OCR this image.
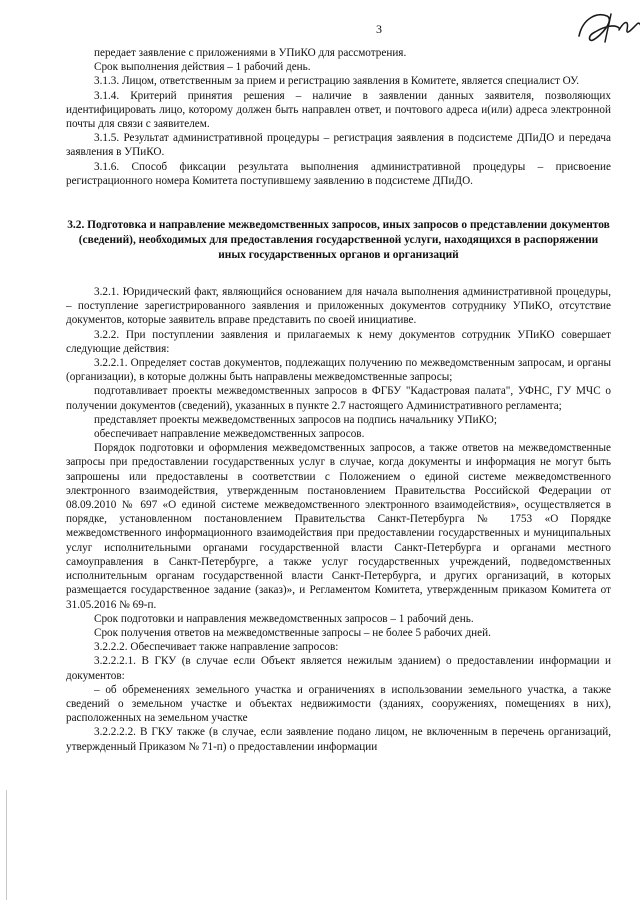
3

передает заявление с приложениями в УПиКО для рассмотрения.

Срок выполнения действия – 1 рабочий день.

3.1.3. Лицом, ответственным за прием и регистрацию заявления в Комитете, является специалист ОУ.

3.1.4. Критерий принятия решения – наличие в заявлении данных заявителя, позволяющих идентифицировать лицо, которому должен быть направлен ответ, и почтового адреса и(или) адреса электронной почты для связи с заявителем.

3.1.5. Результат административной процедуры – регистрация заявления в подсистеме ДПиДО и передача заявления в УПиКО.

3.1.6. Способ фиксации результата выполнения административной процедуры – присвоение регистрационного номера Комитета поступившему заявлению в подсистеме ДПиДО.

3.2. Подготовка и направление межведомственных запросов, иных запросов о представлении документов (сведений), необходимых для предоставления государственной услуги, находящихся в распоряжении иных государственных органов и организаций

3.2.1. Юридический факт, являющийся основанием для начала выполнения административной процедуры, – поступление зарегистрированного заявления и приложенных документов сотруднику УПиКО, отсутствие документов, которые заявитель вправе представить по своей инициативе.

3.2.2. При поступлении заявления и прилагаемых к нему документов сотрудник УПиКО совершает следующие действия:

3.2.2.1. Определяет состав документов, подлежащих получению по межведомственным запросам, и органы (организации), в которые должны быть направлены межведомственные запросы;

подготавливает проекты межведомственных запросов в ФГБУ "Кадастровая палата", УФНС, ГУ МЧС о получении документов (сведений), указанных в пункте 2.7 настоящего Административного регламента;

представляет проекты межведомственных запросов на подпись начальнику УПиКО;

обеспечивает направление межведомственных запросов.

Порядок подготовки и оформления межведомственных запросов, а также ответов на межведомственные запросы при предоставлении государственных услуг в случае, когда документы и информация не могут быть запрошены или предоставлены в соответствии с Положением о единой системе межведомственного электронного взаимодействия, утвержденным постановлением Правительства Российской Федерации от 08.09.2010 № 697 «О единой системе межведомственного электронного взаимодействия», осуществляется в порядке, установленном постановлением Правительства Санкт-Петербурга № 1753 «О Порядке межведомственного информационного взаимодействия при предоставлении государственных и муниципальных услуг исполнительными органами государственной власти Санкт-Петербурга и органами местного самоуправления в Санкт-Петербурге, а также услуг государственных учреждений, подведомственных исполнительным органам государственной власти Санкт-Петербурга, и других организаций, в которых размещается государственное задание (заказ)», и Регламентом Комитета, утвержденным приказом Комитета от 31.05.2016 № 69-п.

Срок подготовки и направления межведомственных запросов – 1 рабочий день.

Срок получения ответов на межведомственные запросы – не более 5 рабочих дней.

3.2.2.2. Обеспечивает также направление запросов:

3.2.2.2.1. В ГКУ (в случае если Объект является нежилым зданием) о предоставлении информации и документов:

– об обременениях земельного участка и ограничениях в использовании земельного участка, а также сведений о земельном участке и объектах недвижимости (зданиях, сооружениях, помещениях в них), расположенных на земельном участке

3.2.2.2.2. В ГКУ также (в случае, если заявление подано лицом, не включенным в перечень организаций, утвержденный Приказом № 71-п) о предоставлении информации
